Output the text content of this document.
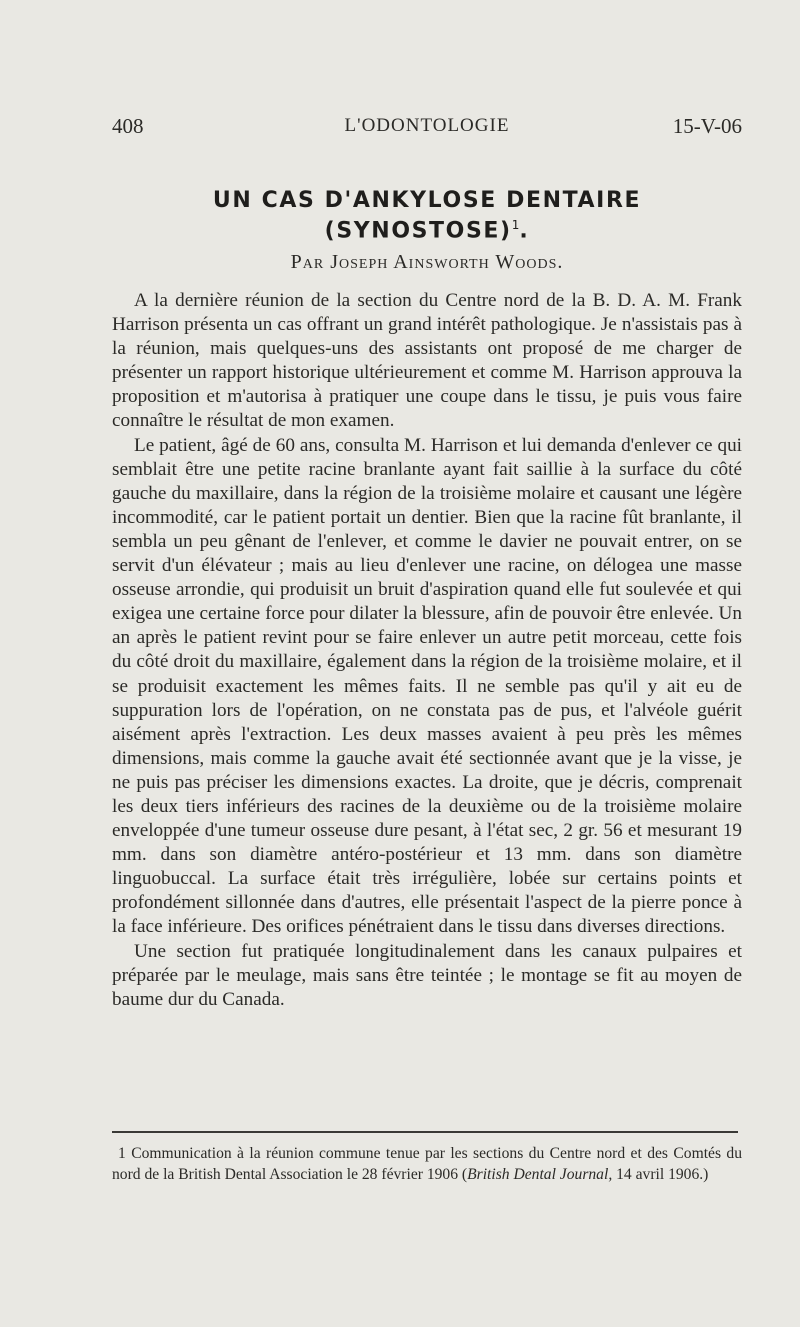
408	L'ODONTOLOGIE	15-V-06
UN CAS D'ANKYLOSE DENTAIRE
(SYNOSTOSE)$^1$.
Par Joseph Ainsworth Woods.

A la dernière réunion de la section du Centre nord de la B. D. A. M. Frank Harrison présenta un cas offrant un grand intérêt pathologique. Je n'assistais pas à la réunion, mais quelques-uns des assistants ont proposé de me charger de présenter un rapport historique ultérieurement et comme M. Harrison approuva la proposition et m'autorisa à pratiquer une coupe dans le tissu, je puis vous faire connaître le résultat de mon examen.

Le patient, âgé de 60 ans, consulta M. Harrison et lui demanda d'enlever ce qui semblait être une petite racine branlante ayant fait saillie à la surface du côté gauche du maxillaire, dans la région de la troisième molaire et causant une légère incommodité, car le patient portait un dentier. Bien que la racine fût branlante, il sembla un peu gênant de l'enlever, et comme le davier ne pouvait entrer, on se servit d'un élévateur ; mais au lieu d'enlever une racine, on délogea une masse osseuse arrondie, qui produisit un bruit d'aspiration quand elle fut soulevée et qui exigea une certaine force pour dilater la blessure, afin de pouvoir être enlevée. Un an après le patient revint pour se faire enlever un autre petit morceau, cette fois du côté droit du maxillaire, également dans la région de la troisième molaire, et il se produisit exactement les mêmes faits. Il ne semble pas qu'il y ait eu de suppuration lors de l'opération, on ne constata pas de pus, et l'alvéole guérit aisément après l'extraction. Les deux masses avaient à peu près les mêmes dimensions, mais comme la gauche avait été sectionnée avant que je la visse, je ne puis pas préciser les dimensions exactes. La droite, que je décris, comprenait les deux tiers inférieurs des racines de la deuxième ou de la troisième molaire enveloppée d'une tumeur osseuse dure pesant, à l'état sec, 2 gr. 56 et mesurant 19 mm. dans son diamètre antéro-postérieur et 13 mm. dans son diamètre linguobuccal. La surface était très irrégulière, lobée sur certains points et profondément sillonnée dans d'autres, elle présentait l'aspect de la pierre ponce à la face inférieure. Des orifices pénétraient dans le tissu dans diverses directions.

Une section fut pratiquée longitudinalement dans les canaux pulpaires et préparée par le meulage, mais sans être teintée ; le montage se fit au moyen de baume dur du Canada.

1 Communication à la réunion commune tenue par les sections du Centre nord et des Comtés du nord de la British Dental Association le 28 février 1906 (British Dental Journal, 14 avril 1906.)
